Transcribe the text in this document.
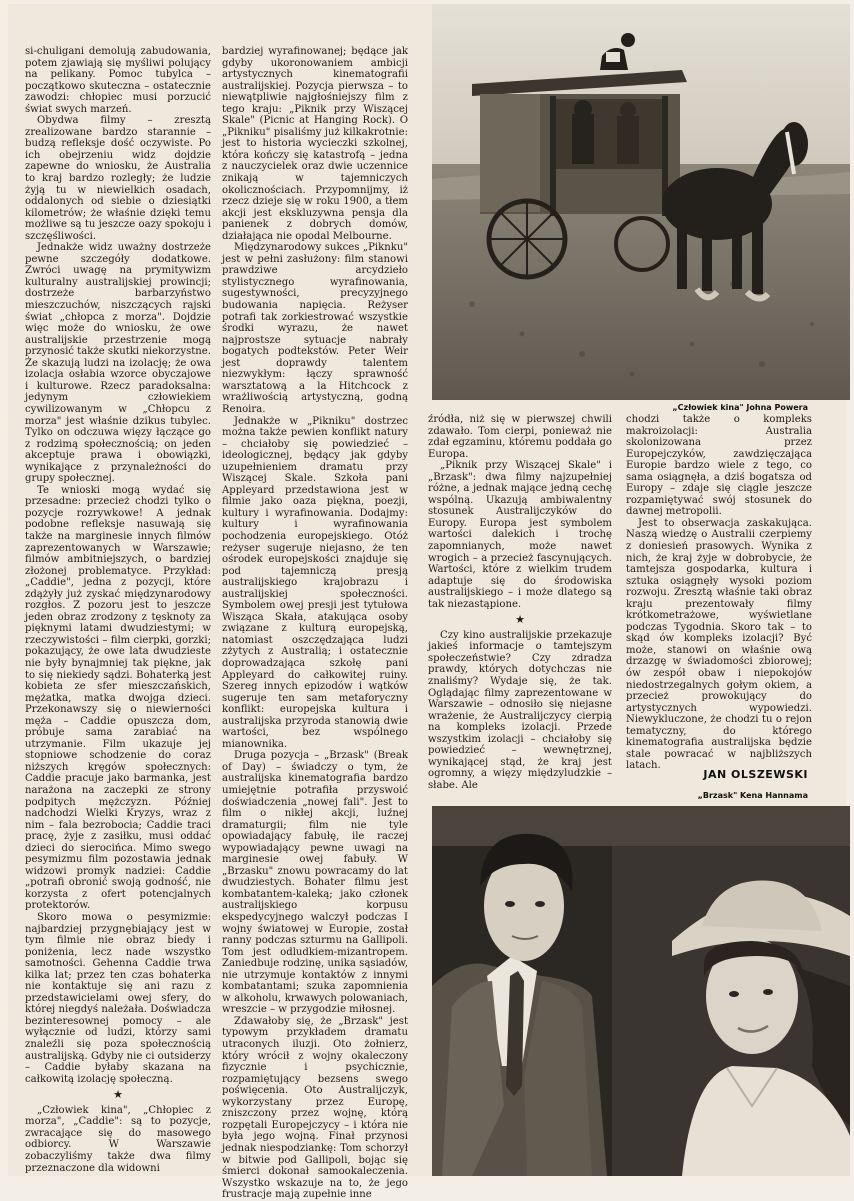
si-chuligani demolują zabudowania, potem zjawiają się myśliwi polujący na pelikany. Pomoc tubylca – początkowo skuteczna – ostatecznie zawodzi: chłopiec musi porzucić świat swych marzeń.

Obydwa filmy – zresztą zrealizowane bardzo starannie – budzą refleksje dość oczywiste. Po ich obejrzeniu widz dojdzie zapewne do wniosku, że Australia to kraj bardzo rozległy; że ludzie żyją tu w niewielkich osadach, oddalonych od siebie o dziesiątki kilometrów; że właśnie dzięki temu możliwe są tu jeszcze oazy spokoju i szczęśliwości.

Jednakże widz uważny dostrzeże pewne szczegóły dodatkowe. Zwróci uwagę na prymitywizm kulturalny australijskiej prowincji; dostrzeże barbarzyństwo mieszczuchów, niszczących rajski świat „chłopca z morza". Dojdzie więc może do wniosku, że owe australijskie przestrzenie mogą przynosić także skutki niekorzystne. Że skazują ludzi na izolację; że owa izolacja osłabia wzorce obyczajowe i kulturowe. Rzecz paradoksalna: jedynym człowiekiem cywilizowanym w „Chłopcu z morza" jest właśnie dzikus tubylec. Tylko on odczuwa więzy łączące go z rodzimą społecznością; on jeden akceptuje prawa i obowiązki, wynikające z przynależności do grupy społecznej.

Te wnioski mogą wydać się przesadne: przecież chodzi tylko o pozycje rozrywkowe! A jednak podobne refleksje nasuwają się także na marginesie innych filmów zaprezentowanych w Warszawie; filmów ambitniejszych, o bardziej złożonej problematyce. Przykład: „Caddie", jedna z pozycji, które zdążyły już zyskać międzynarodowy rozgłos. Z pozoru jest to jeszcze jeden obraz zrodzony z tęsknoty za pięknymi latami dwudziestymi; w rzeczywistości – film cierpki, gorzki; pokazujący, że owe lata dwudzieste nie były bynajmniej tak piękne, jak to się niekiedy sądzi. Bohaterką jest kobieta ze sfer mieszczańskich, mężatka, matka dwojga dzieci. Przekonawszy się o niewierności męża – Caddie opuszcza dom, próbuje sama zarabiać na utrzymanie. Film ukazuje jej stopniowe schodzenie do coraz niższych kręgów społecznych: Caddie pracuje jako barmanka, jest narażona na zaczepki ze strony podpitych mężczyzn. Później nadchodzi Wielki Kryzys, wraz z nim – fala bezrobocia; Caddie traci pracę, żyje z zasiłku, musi oddać dzieci do sierocińca. Mimo swego pesymizmu film pozostawia jednak widzowi promyk nadziei: Caddie „potrafi obronić swoją godność, nie korzysta z ofert potencjalnych protektorów.

Skoro mowa o pesymizmie: najbardziej przygnębiający jest w tym filmie nie obraz biedy i poniżenia, lecz nade wszystko samotności. Gehenna Caddie trwa kilka lat; przez ten czas bohaterka nie kontaktuje się ani razu z przedstawicielami owej sfery, do której niegdyś należała. Doświadcza bezinteresownej pomocy – ale wyłącznie od ludzi, którzy sami znaleźli się poza społecznością australijską. Gdyby nie ci outsiderzy – Caddie byłaby skazana na całkowitą izolację społeczną.

★

„Człowiek kina", „Chłopiec z morza", „Caddie": są to pozycje, zwracające się do masowego odbiorcy. W Warszawie zobaczyliśmy także dwa filmy przeznaczone dla widowni

bardziej wyrafinowanej; będące jak gdyby ukoronowaniem ambicji artystycznych kinematografii australijskiej. Pozycja pierwsza – to niewątpliwie najgłośniejszy film z tego kraju: „Piknik przy Wiszącej Skale" (Picnic at Hanging Rock). O „Pikniku" pisaliśmy już kilkakrotnie: jest to historia wycieczki szkolnej, która kończy się katastrofą – jedna z nauczycielek oraz dwie uczennice znikają w tajemniczych okolicznościach. Przypomnijmy, iż rzecz dzieje się w roku 1900, a tłem akcji jest ekskluzywna pensja dla panienek z dobrych domów, działająca nie opodal Melbourne.

Międzynarodowy sukces „Piknku" jest w pełni zasłużony: film stanowi prawdziwe arcydzieło stylistycznego wyrafinowania, sugestywności, precyzyjnego budowania napięcia. Reżyser potrafi tak zorkiestrować wszystkie środki wyrazu, że nawet najprostsze sytuacje nabrały bogatych podtekstów. Peter Weir jest doprawdy talentem niezwykłym: łączy sprawność warsztatową a la Hitchcock z wrażliwością artystyczną, godną Renoira.

Jednakże w „Pikniku" dostrzec można także pewien konflikt natury – chciałoby się powiedzieć – ideologicznej, będący jak gdyby uzupełnieniem dramatu przy Wiszącej Skale. Szkoła pani Appleyard przedstawiona jest w filmie jako oaza piękna, poezji, kultury i wyrafinowania. Dodajmy: kultury i wyrafinowania pochodzenia europejskiego. Otóż reżyser sugeruje niejasno, że ten ośrodek europejskości znajduje się pod tajemniczą presją australijskiego krajobrazu i australijskiej społeczności. Symbolem owej presji jest tytułowa Wisząca Skała, atakująca osoby związane z kulturą europejską, natomiast oszczędzająca ludzi zżytych z Australią; i ostatecznie doprowadzająca szkołę pani Appleyard do całkowitej ruiny. Szereg innych epizodów i wątków sugeruje ten sam metaforyczny konflikt: europejska kultura i australijska przyroda stanowią dwie wartości, bez wspólnego mianownika.

Druga pozycja – „Brzask" (Break of Day) – świadczy o tym, że australijska kinematografia bardzo umiejętnie potrafiła przyswoić doświadczenia „nowej fali". Jest to film o nikłej akcji, luźnej dramaturgii; film nie tyle opowiadający fabułę, ile raczej wypowiadający pewne uwagi na marginesie owej fabuły. W „Brzasku" znowu powracamy do lat dwudziestych. Bohater filmu jest kombatantem-kaleką; jako członek australijskiego korpusu ekspedycyjnego walczył podczas I wojny światowej w Europie, został ranny podczas szturmu na Gallipoli. Tom jest odludkiem-mizantropem. Zaniedbuje rodzinę, unika sąsiadów, nie utrzymuje kontaktów z innymi kombatantami; szuka zapomnienia w alkoholu, krwawych polowaniach, wreszcie – w przygodzie miłosnej.

Zdawałoby się, że „Brzask" jest typowym przykładem dramatu utraconych iluzji. Oto żołnierz, który wrócił z wojny okaleczony fizycznie i psychicznie, rozpamiętujący bezsens swego poświęcenia. Oto Australijczyk, wykorzystany przez Europę, zniszczony przez wojnę, którą rozpętali Europejczycy – i która nie była jego wojną. Finał przynosi jednak niespodziankę: Tom schorzył w bitwie pod Gallipoli, bojąc się śmierci dokonał samookaleczenia. Wszystko wskazuje na to, że jego frustracje mają zupełnie inne

„Człowiek kina" Johna Powera

źródła, niż się w pierwszej chwili zdawało. Tom cierpi, ponieważ nie zdał egzaminu, któremu poddała go Europa.

„Piknik przy Wiszącej Skale" i „Brzask": dwa filmy najzupełniej różne, a jednak mające jedną cechę wspólną. Ukazują ambiwalentny stosunek Australijczyków do Europy. Europa jest symbolem wartości dalekich i trochę zapomnianych, może nawet wrogich – a przecież fascynujących. Wartości, które z wielkim trudem adaptuje się do środowiska australijskiego – i może dlatego są tak niezastąpione.

★

Czy kino australijskie przekazuje jakieś informacje o tamtejszym społeczeństwie? Czy zdradza prawdy, których dotychczas nie znaliśmy? Wydaje się, że tak. Oglądając filmy zaprezentowane w Warszawie – odnosiło się niejasne wrażenie, że Australijczycy cierpią na kompleks izolacji. Przede wszystkim izolacji – chciałoby się powiedzieć – wewnętrznej, wynikającej stąd, że kraj jest ogromny, a więzy międzyludzkie – słabe. Ale

chodzi także o kompleks makroizolacji: Australia skolonizowana przez Europejczyków, zawdzięczająca Europie bardzo wiele z tego, co sama osiągnęła, a dziś bogatsza od Europy – zdaje się ciągle jeszcze rozpamiętywać swój stosunek do dawnej metropolii.

Jest to obserwacja zaskakująca. Naszą wiedzę o Australii czerpiemy z doniesień prasowych. Wynika z nich, że kraj żyje w dobrobycie, że tamtejsza gospodarka, kultura i sztuka osiągnęły wysoki poziom rozwoju. Zresztą właśnie taki obraz kraju prezentowały filmy krótkometrażowe, wyświetlane podczas Tygodnia. Skoro tak – to skąd ów kompleks izolacji? Być może, stanowi on właśnie ową drzazgę w świadomości zbiorowej; ów zespół obaw i niepokojów niedostrzegalnych gołym okiem, a przecież prowokujący do artystycznych wypowiedzi. Niewykluczone, że chodzi tu o rejon tematyczny, do którego kinematografia australijska będzie stale powracać w najbliższych latach.

JAN OLSZEWSKI
„Brzask" Kena Hannama
